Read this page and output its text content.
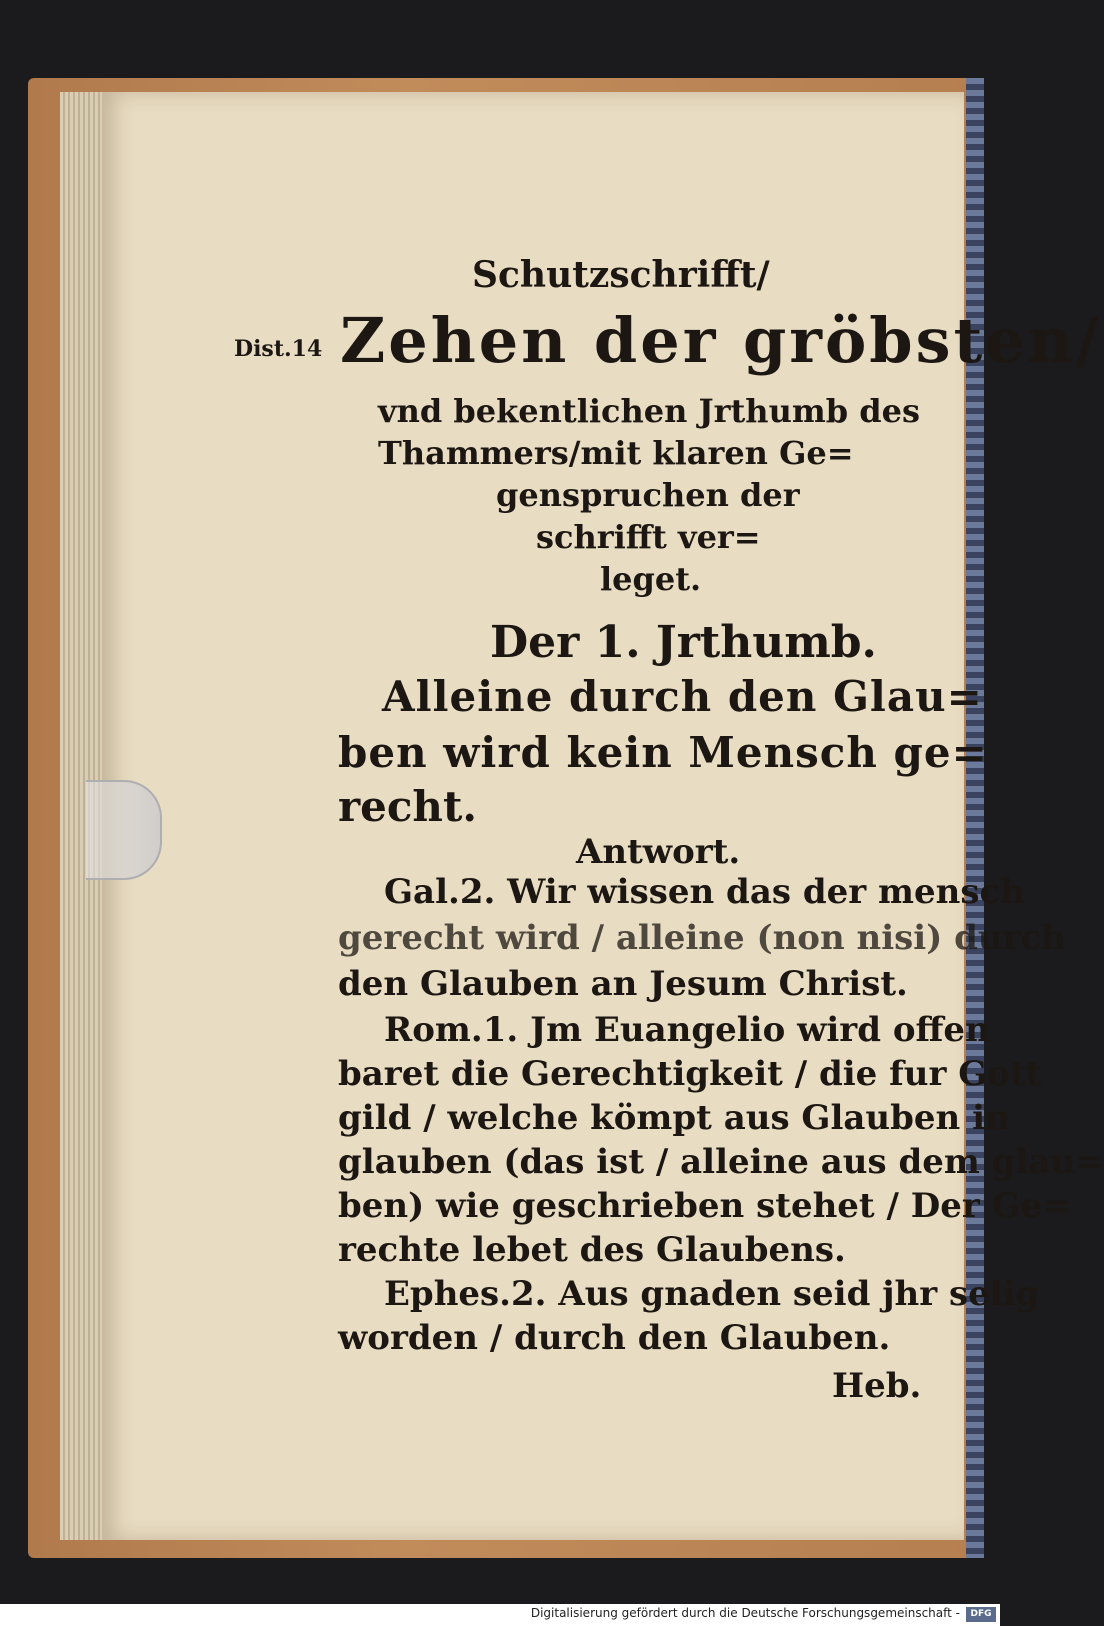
Schutzschrifft/
Dist.14 Zehen der gröbsten/
vnd bekentlichen Jrthumb des
Thammers/mit klaren Ge=
genspruchen der
schrifft ver=
leget.
Der 1. Jrthumb.
Alleine durch den Glau=
ben wird kein Mensch ge=
recht.
Antwort.
Gal.2. Wir wissen das der mensch
gerecht wird / alleine (non nisi) durch
den Glauben an Jesum Christ.
Rom.1. Jm Euangelio wird offen
baret die Gerechtigkeit / die fur Gott
gild / welche kömpt aus Glauben in
glauben (das ist / alleine aus dem glau=
ben) wie geschrieben stehet / Der Ge=
rechte lebet des Glaubens.
Ephes.2. Aus gnaden seid jhr selig
worden / durch den Glauben.
Heb.
Digitalisierung gefördert durch die Deutsche Forschungsgemeinschaft -	DFG
